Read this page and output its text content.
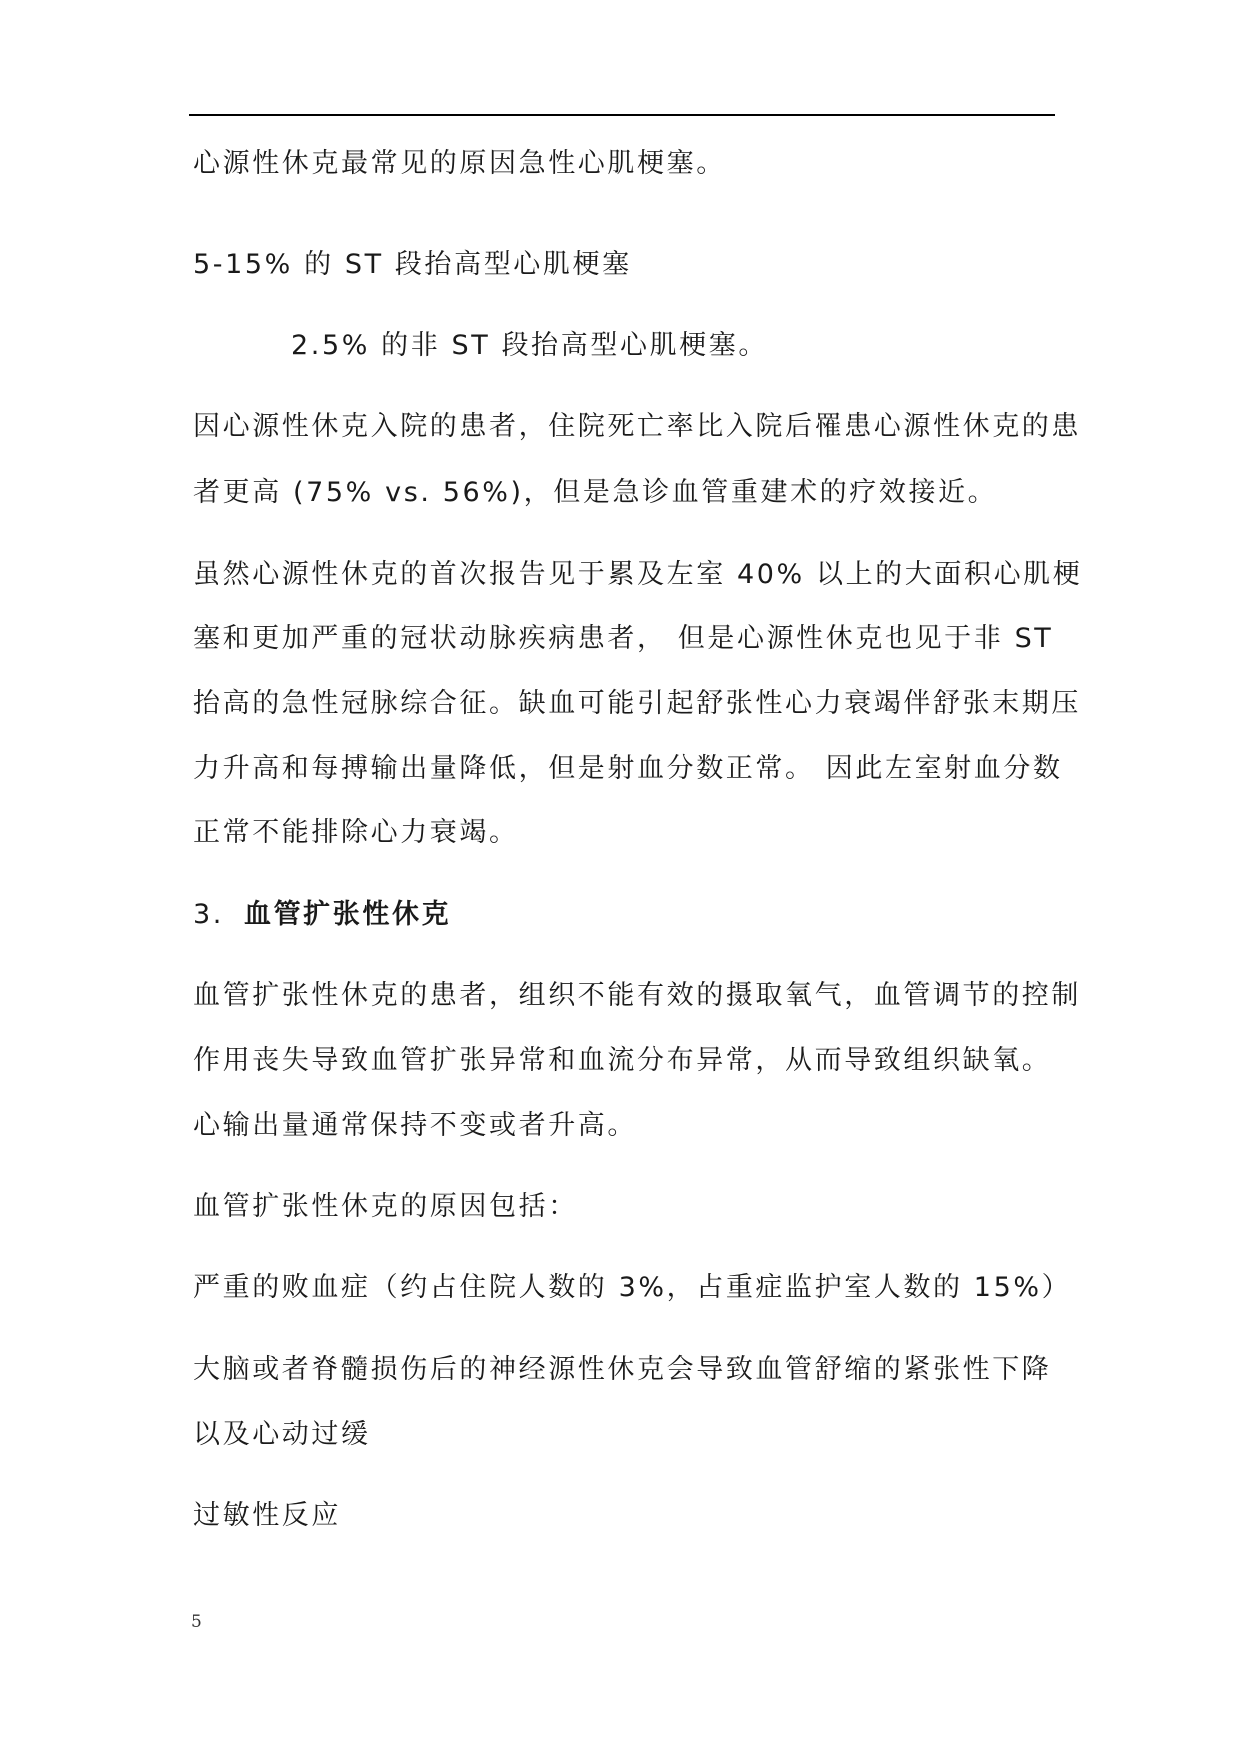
心源性休克最常见的原因急性心肌梗塞。
5-15% 的 ST 段抬高型心肌梗塞
2.5% 的非 ST 段抬高型心肌梗塞。
因心源性休克入院的患者，住院死亡率比入院后罹患心源性休克的患
者更高 (75% vs. 56%)，但是急诊血管重建术的疗效接近。
虽然心源性休克的首次报告见于累及左室 40% 以上的大面积心肌梗
塞和更加严重的冠状动脉疾病患者， 但是心源性休克也见于非 ST
抬高的急性冠脉综合征。缺血可能引起舒张性心力衰竭伴舒张末期压
力升高和每搏输出量降低，但是射血分数正常。 因此左室射血分数
正常不能排除心力衰竭。
3. 血管扩张性休克
血管扩张性休克的患者，组织不能有效的摄取氧气，血管调节的控制
作用丧失导致血管扩张异常和血流分布异常，从而导致组织缺氧。
心输出量通常保持不变或者升高。
血管扩张性休克的原因包括：
严重的败血症（约占住院人数的 3%，占重症监护室人数的 15%）
大脑或者脊髓损伤后的神经源性休克会导致血管舒缩的紧张性下降
以及心动过缓
过敏性反应
5
